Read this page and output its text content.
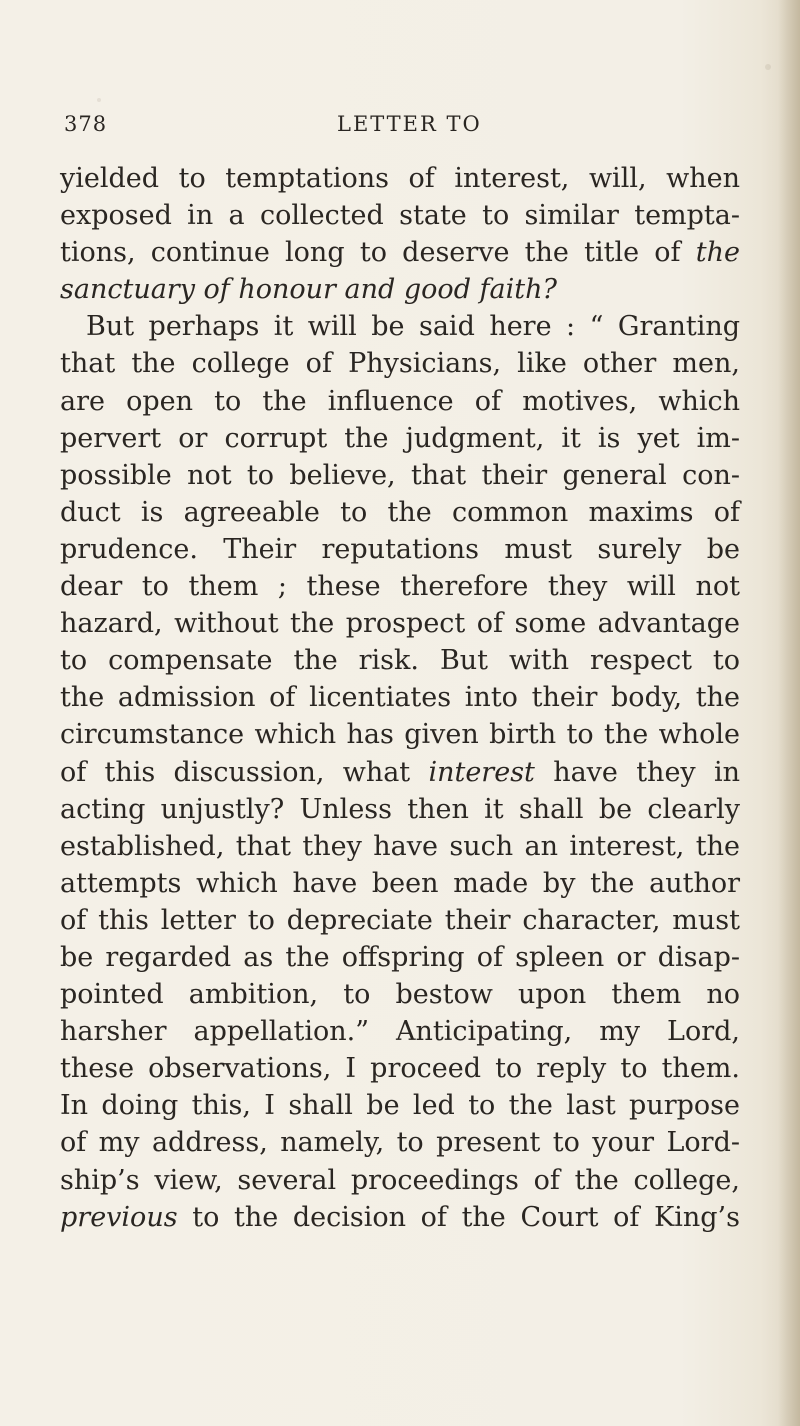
378	LETTER TO
yielded to temptations of interest, will, when
exposed in a collected state to similar tempta-
tions, continue long to deserve the title of the
sanctuary of honour and good faith?
But perhaps it will be said here : “ Granting
that the college of Physicians, like other men,
are open to the influence of motives, which
pervert or corrupt the judgment, it is yet im-
possible not to believe, that their general con-
duct is agreeable to the common maxims of
prudence. Their reputations must surely be
dear to them ; these therefore they will not
hazard, without the prospect of some advantage
to compensate the risk. But with respect to
the admission of licentiates into their body, the
circumstance which has given birth to the whole
of this discussion, what interest have they in
acting unjustly? Unless then it shall be clearly
established, that they have such an interest, the
attempts which have been made by the author
of this letter to depreciate their character, must
be regarded as the offspring of spleen or disap-
pointed ambition, to bestow upon them no
harsher appellation.” Anticipating, my Lord,
these observations, I proceed to reply to them.
In doing this, I shall be led to the last purpose
of my address, namely, to present to your Lord-
ship’s view, several proceedings of the college,
previous to the decision of the Court of King’s
